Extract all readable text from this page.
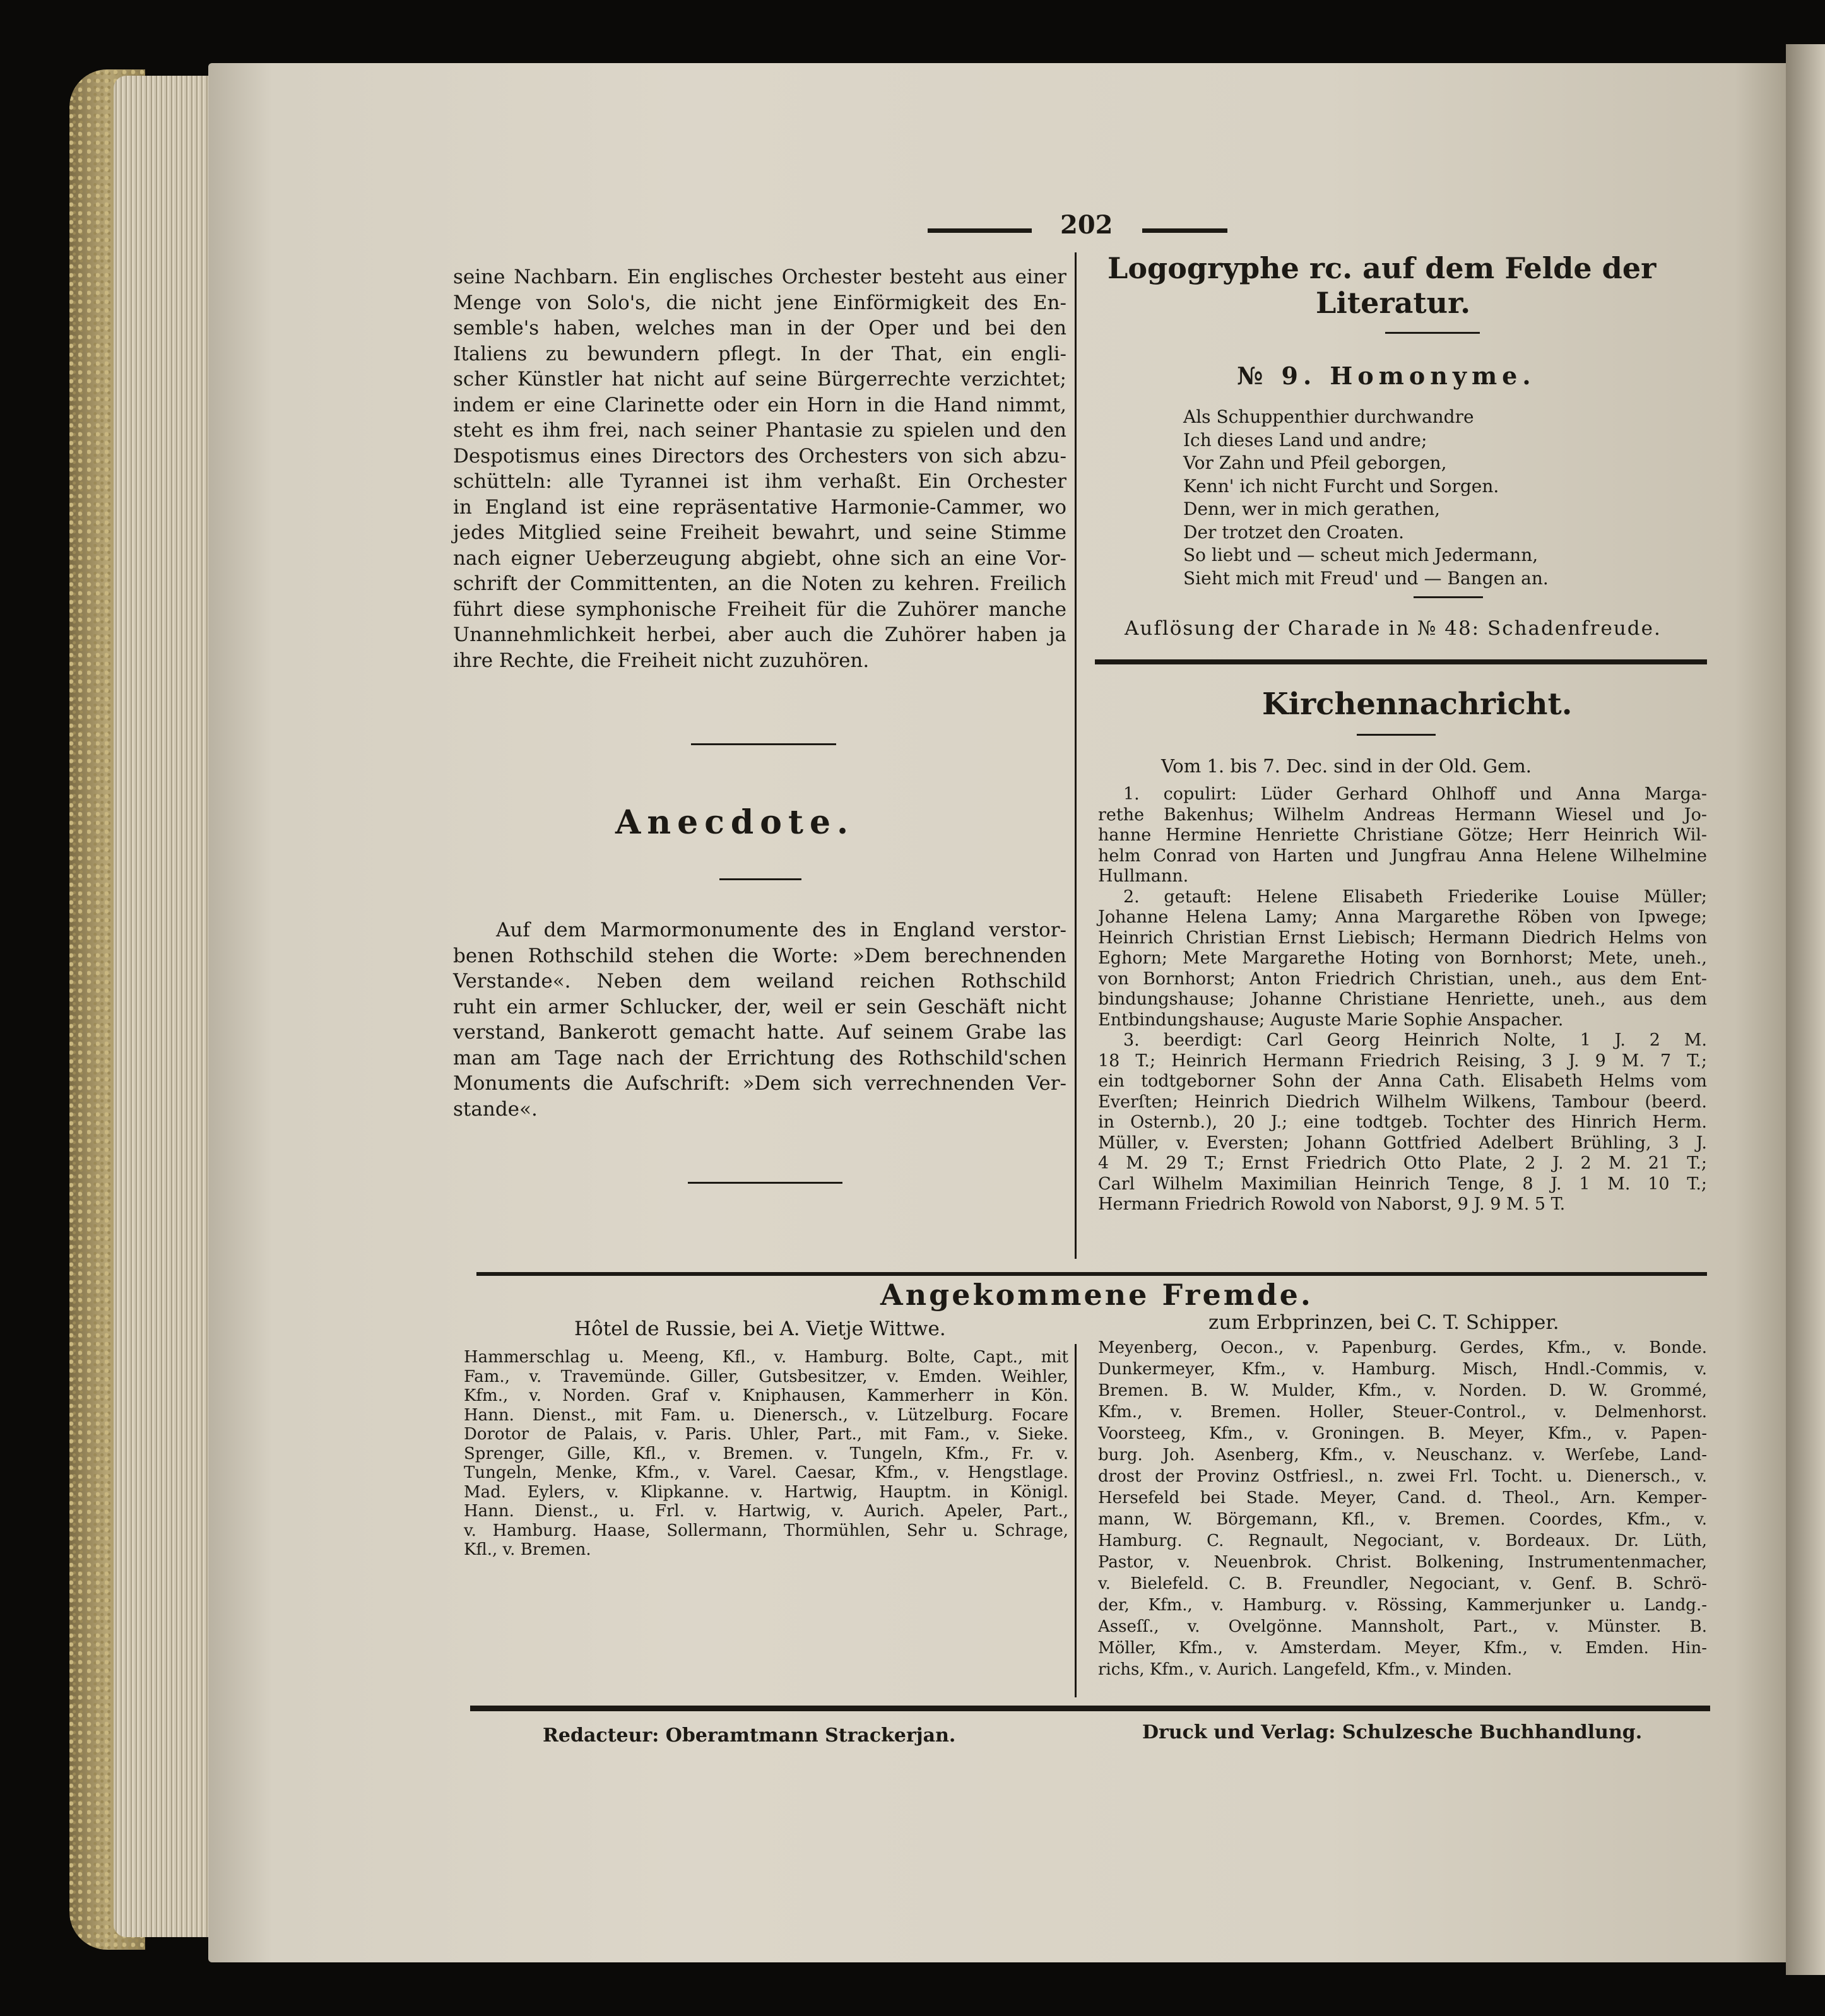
202

seine Nachbarn. Ein englisches Orchester besteht aus einer

Menge von Solo's, die nicht jene Einförmigkeit des En-

semble's haben, welches man in der Oper und bei den

Italiens zu bewundern pflegt. In der That, ein engli-

scher Künstler hat nicht auf seine Bürgerrechte verzichtet;

indem er eine Clarinette oder ein Horn in die Hand nimmt,

steht es ihm frei, nach seiner Phantasie zu spielen und den

Despotismus eines Directors des Orchesters von sich abzu-

schütteln: alle Tyrannei ist ihm verhaßt. Ein Orchester

in England ist eine repräsentative Harmonie-Cammer, wo

jedes Mitglied seine Freiheit bewahrt, und seine Stimme

nach eigner Ueberzeugung abgiebt, ohne sich an eine Vor-

schrift der Committenten, an die Noten zu kehren. Freilich

führt diese symphonische Freiheit für die Zuhörer manche

Unannehmlichkeit herbei, aber auch die Zuhörer haben ja

ihre Rechte, die Freiheit nicht zuzuhören.

Anecdote.

Auf dem Marmormonumente des in England verstor-

benen Rothschild stehen die Worte: »Dem berechnenden

Verstande«. Neben dem weiland reichen Rothschild

ruht ein armer Schlucker, der, weil er sein Geschäft nicht

verstand, Bankerott gemacht hatte. Auf seinem Grabe las

man am Tage nach der Errichtung des Rothschild'schen

Monuments die Aufschrift: »Dem sich verrechnenden Ver-

stande«.

Logogryphe rc. auf dem Felde der

Literatur.

№ 9. Homonyme.

Als Schuppenthier durchwandre

Ich dieses Land und andre;

Vor Zahn und Pfeil geborgen,

Kenn' ich nicht Furcht und Sorgen.

Denn, wer in mich gerathen,

Der trotzet den Croaten.

So liebt und — scheut mich Jedermann,

Sieht mich mit Freud' und — Bangen an.

Auflösung der Charade in № 48: Schadenfreude.

Kirchennachricht.

Vom 1. bis 7. Dec. sind in der Old. Gem.

1. copulirt: Lüder Gerhard Ohlhoff und Anna Marga-

rethe Bakenhus; Wilhelm Andreas Hermann Wiesel und Jo-

hanne Hermine Henriette Christiane Götze; Herr Heinrich Wil-

helm Conrad von Harten und Jungfrau Anna Helene Wilhelmine

Hullmann.

2. getauft: Helene Elisabeth Friederike Louise Müller;

Johanne Helena Lamy; Anna Margarethe Röben von Ipwege;

Heinrich Christian Ernst Liebisch; Hermann Diedrich Helms von

Eghorn; Mete Margarethe Hoting von Bornhorst; Mete, uneh.,

von Bornhorst; Anton Friedrich Christian, uneh., aus dem Ent-

bindungshause; Johanne Christiane Henriette, uneh., aus dem

Entbindungshause; Auguste Marie Sophie Anspacher.

3. beerdigt: Carl Georg Heinrich Nolte, 1 J. 2 M.

18 T.; Heinrich Hermann Friedrich Reising, 3 J. 9 M. 7 T.;

ein todtgeborner Sohn der Anna Cath. Elisabeth Helms vom

Everſten; Heinrich Diedrich Wilhelm Wilkens, Tambour (beerd.

in Osternb.), 20 J.; eine todtgeb. Tochter des Hinrich Herm.

Müller, v. Eversten; Johann Gottfried Adelbert Brühling, 3 J.

4 M. 29 T.; Ernst Friedrich Otto Plate, 2 J. 2 M. 21 T.;

Carl Wilhelm Maximilian Heinrich Tenge, 8 J. 1 M. 10 T.;

Hermann Friedrich Rowold von Naborst, 9 J. 9 M. 5 T.

Angekommene Fremde.

Hôtel de Russie, bei A. Vietje Wittwe.	zum Erbprinzen, bei C. T. Schipper.

Hammerschlag u. Meeng, Kfl., v. Hamburg. Bolte, Capt., mit

Fam., v. Travemünde. Giller, Gutsbesitzer, v. Emden. Weihler,

Kfm., v. Norden. Graf v. Kniphausen, Kammerherr in Kön.

Hann. Dienst., mit Fam. u. Dienersch., v. Lützelburg. Focare

Dorotor de Palais, v. Paris. Uhler, Part., mit Fam., v. Sieke.

Sprenger, Gille, Kfl., v. Bremen. v. Tungeln, Kfm., Fr. v.

Tungeln, Menke, Kfm., v. Varel. Caesar, Kfm., v. Hengstlage.

Mad. Eylers, v. Klipkanne. v. Hartwig, Hauptm. in Königl.

Hann. Dienst., u. Frl. v. Hartwig, v. Aurich. Apeler, Part.,

v. Hamburg. Haase, Sollermann, Thormühlen, Sehr u. Schrage,

Kfl., v. Bremen.

Meyenberg, Oecon., v. Papenburg. Gerdes, Kfm., v. Bonde.

Dunkermeyer, Kfm., v. Hamburg. Misch, Hndl.-Commis, v.

Bremen. B. W. Mulder, Kfm., v. Norden. D. W. Grommé,

Kfm., v. Bremen. Holler, Steuer-Control., v. Delmenhorst.

Voorsteeg, Kfm., v. Groningen. B. Meyer, Kfm., v. Papen-

burg. Joh. Asenberg, Kfm., v. Neuschanz. v. Werſebe, Land-

drost der Provinz Ostfriesl., n. zwei Frl. Tocht. u. Dienersch., v.

Hersefeld bei Stade. Meyer, Cand. d. Theol., Arn. Kemper-

mann, W. Börgemann, Kfl., v. Bremen. Coordes, Kfm., v.

Hamburg. C. Regnault, Negociant, v. Bordeaux. Dr. Lüth,

Pastor, v. Neuenbrok. Christ. Bolkening, Instrumentenmacher,

v. Bielefeld. C. B. Freundler, Negociant, v. Genf. B. Schrö-

der, Kfm., v. Hamburg. v. Rössing, Kammerjunker u. Landg.-

Asseſſ., v. Ovelgönne. Mannsholt, Part., v. Münster. B.

Möller, Kfm., v. Amsterdam. Meyer, Kfm., v. Emden. Hin-

richs, Kfm., v. Aurich. Langefeld, Kfm., v. Minden.

Redacteur: Oberamtmann Strackerjan.	Druck und Verlag: Schulzesche Buchhandlung.
